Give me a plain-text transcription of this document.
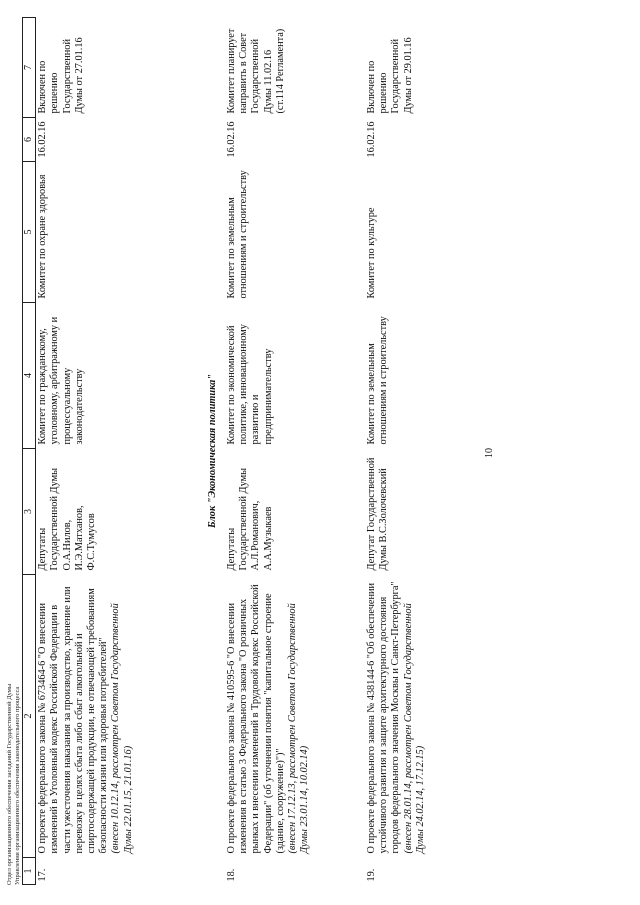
10
1	2	3	4	5	6	7
17.	О проекте федерального закона № 673464-6 "О внесении изменений в Уголовный кодекс Российской Федерации в части ужесточения наказания за производство, хранение или перевозку в целях сбыта либо сбыт алкогольной и спиртосодержащей продукции, не отвечающей требованиям безопасности жизни или здоровья потребителей" (внесен 10.12.14, рассмотрен Советом Государственной Думы 22.01.15, 21.01.16)	Депутаты Государственной Думы О.А.Нилов, И.Э.Матханов, Ф.С.Тумусов	Комитет по гражданскому, уголовному, арбитражному и процессуальному законодательству	Комитет по охране здоровья	16.02.16	Включен по решению Государственной Думы от 27.01.16
Блок "Экономическая политика"						
18.	О проекте федерального закона № 410595-6 "О внесении изменения в статью 3 Федерального закона "О розничных рынках и внесении изменений в Трудовой кодекс Российской Федерации" (об уточнении понятия "капитальное строение (здание, сооружение)")" (внесен 17.12.13, рассмотрен Советом Государственной Думы 23.01.14, 10.02.14)	Депутаты Государственной Думы А.Л.Романович, А.А.Музыкаев	Комитет по экономической политике, инновационному развитию и предпринимательству	Комитет по земельным отношениям и строительству	16.02.16	Комитет планирует направить в Совет Государственной Думы 11.02.16 (ст.114 Регламента)
19.	О проекте федерального закона № 438144-6 "Об обеспечении устойчивого развития и защите архитектурного достояния городов федерального значения Москвы и Санкт-Петербурга" (внесен 28.01.14, рассмотрен Советом Государственной Думы 24.02.14, 17.12.15)	Депутат Государственной Думы В.С.Золочевский	Комитет по земельным отношениям и строительству	Комитет по культуре	16.02.16	Включен по решению Государственной Думы от 29.01.16
Отдел организационного обеспечения заседаний Государственной Думы Управления организационного обеспечения законодательного процесса
